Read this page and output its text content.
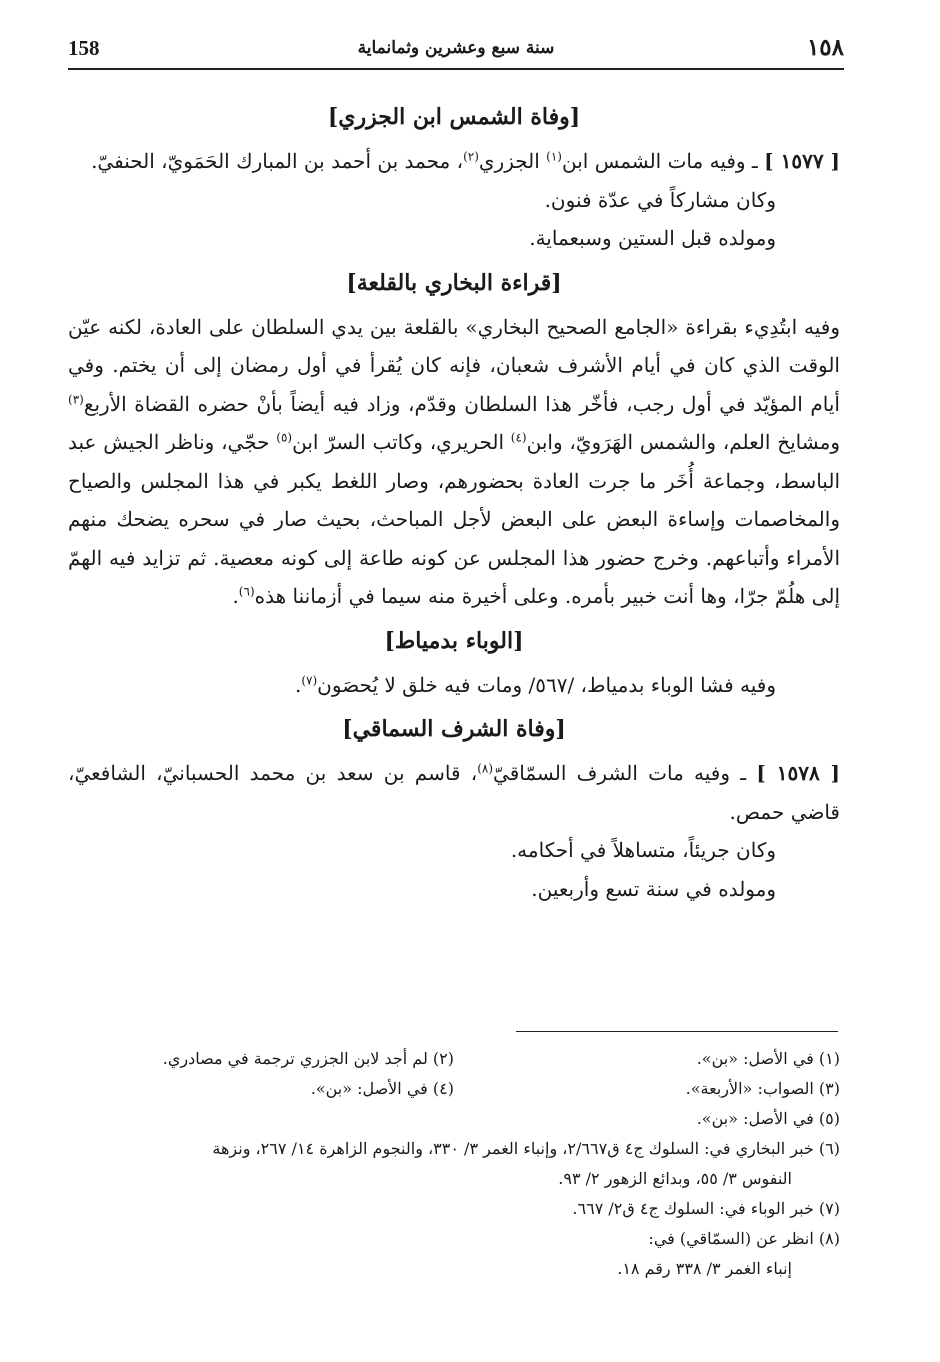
158	سنة سبع وعشرين وثمانماية	١٥٨
[وفاة الشمس ابن الجزري]

[ ١٥٧٧ ] ـ وفيه مات الشمس ابن$^{(١)}$ الجزري$^{(٢)}$، محمد بن أحمد بن المبارك الحَمَويّ، الحنفيّ.

وكان مشاركاً في عدّة فنون.

ومولده قبل الستين وسبعماية.

[قراءة البخاري بالقلعة]

وفيه ابتُدِيء بقراءة «الجامع الصحيح البخاري» بالقلعة بين يدي السلطان على العادة، لكنه عيّن الوقت الذي كان في أيام الأشرف شعبان، فإنه كان يُقرأ في أول رمضان إلى أن يختم. وفي أيام المؤيّد في أول رجب، فأخّر هذا السلطان وقدّم، وزاد فيه أيضاً بأنْ حضره القضاة الأربع$^{(٣)}$ ومشايخ العلم، والشمس الهَرَويّ، وابن$^{(٤)}$ الحريري، وكاتب السرّ ابن$^{(٥)}$ حجّي، وناظر الجيش عبد الباسط، وجماعة أُخَر ما جرت العادة بحضورهم، وصار اللغط يكبر في هذا المجلس والصياح والمخاصمات وإساءة البعض على البعض لأجل المباحث، بحيث صار في سحره يضحك منهم الأمراء وأتباعهم. وخرج حضور هذا المجلس عن كونه طاعة إلى كونه معصية. ثم تزايد فيه الهمّ إلى هلُمّ جرّا، وها أنت خبير بأمره. وعلى أخيرة منه سيما في أزماننا هذه$^{(٦)}$.

[الوباء بدمياط]

وفيه فشا الوباء بدمياط، /٥٦٧/ ومات فيه خلق لا يُحصَون$^{(٧)}$.

[وفاة الشرف السماقي]

[ ١٥٧٨ ] ـ وفيه مات الشرف السمّاقيّ$^{(٨)}$، قاسم بن سعد بن محمد الحسبانيّ، الشافعيّ، قاضي حمص.

وكان جريئاً، متساهلاً في أحكامه.

ومولده في سنة تسع وأربعين.

(١) في الأصل: «بن».
(٢) لم أجد لابن الجزري ترجمة في مصادري.
(٣) الصواب: «الأربعة».
(٤) في الأصل: «بن».
(٥) في الأصل: «بن».
(٦) خبر البخاري في: السلوك ج٤ ق٢/٦٦٧، وإنباء الغمر ٣/ ٣٣٠، والنجوم الزاهرة ١٤/ ٢٦٧، ونزهة
النفوس ٣/ ٥٥، وبدائع الزهور ٢/ ٩٣.
(٧) خبر الوباء في: السلوك ج٤ ق٢/ ٦٦٧.
(٨) انظر عن (السمّاقي) في:
إنباء الغمر ٣/ ٣٣٨ رقم ١٨.
